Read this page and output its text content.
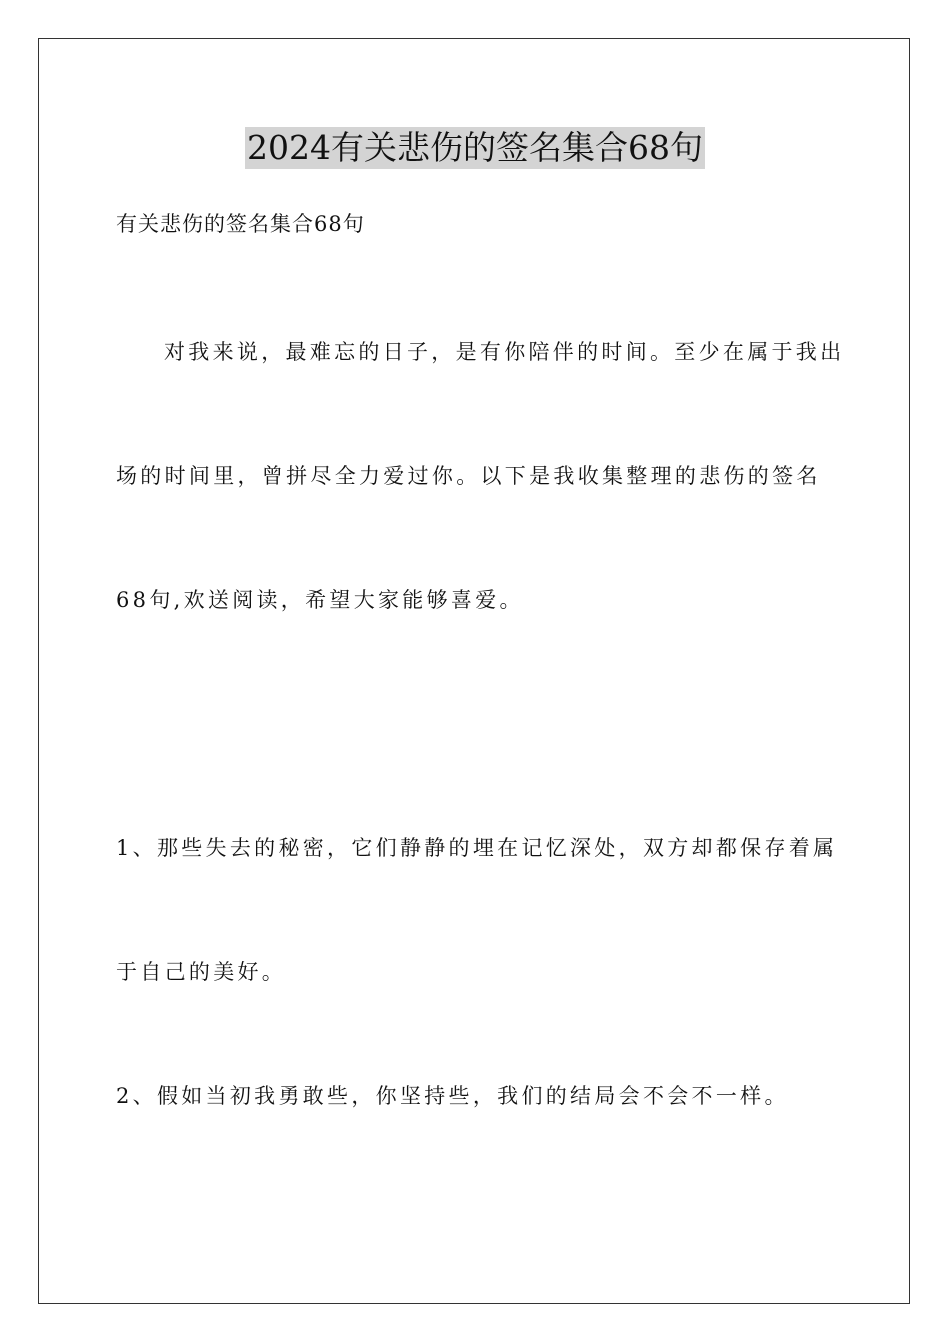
2024有关悲伤的签名集合68句
有关悲伤的签名集合68句
对我来说，最难忘的日子，是有你陪伴的时间。至少在属于我出
场的时间里，曾拼尽全力爱过你。以下是我收集整理的悲伤的签名
68句,欢送阅读，希望大家能够喜爱。
1、那些失去的秘密，它们静静的埋在记忆深处，双方却都保存着属
于自己的美好。
2、假如当初我勇敢些，你坚持些，我们的结局会不会不一样。
